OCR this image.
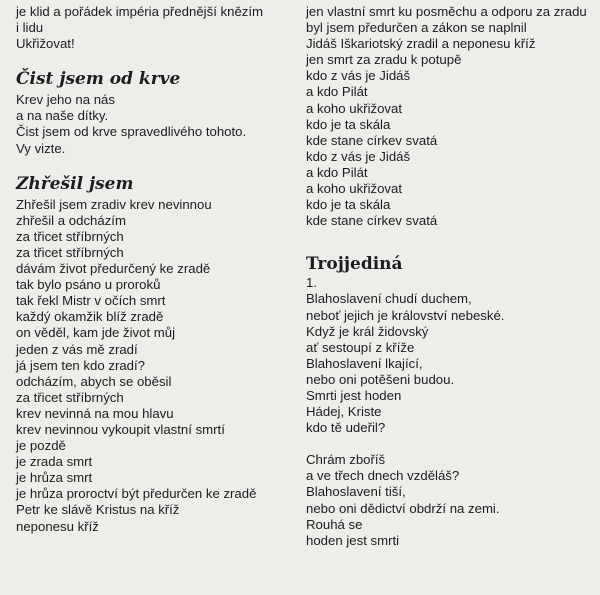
je klid a pořádek impéria přednější knězím
i lidu
Ukřižovat!
Čist jsem od krve
Krev jeho na nás
a na naše dítky.
Čist jsem od krve spravedlivého tohoto.
Vy vizte.
Zhřešil jsem
Zhřešil jsem zradiv krev nevinnou
zhřešil a odcházím
za třicet stříbrných
za třicet stříbrných
dávám život předurčený ke zradě
tak bylo psáno u proroků
tak řekl Mistr v očích smrt
každý okamžik blíž zradě
on věděl, kam jde život můj
jeden z vás mě zradí
já jsem ten kdo zradí?
odcházím, abych se oběsil
za třicet stříbrných
krev nevinná na mou hlavu
krev nevinnou vykoupit vlastní smrtí
je pozdě
je zrada smrt
je hrůza smrt
je hrůza proroctví být předurčen ke zradě
Petr ke slávě Kristus na kříž
neponesu kříž
jen vlastní smrt ku posměchu a odporu za zradu
byl jsem předurčen a zákon se naplnil
Jidáš Iškariotský zradil a neponesu kříž
jen smrt za zradu k potupě
kdo z vás je Jidáš
a kdo Pilát
a koho ukřižovat
kdo je ta skála
kde stane církev svatá
kdo z vás je Jidáš
a kdo Pilát
a koho ukřižovat
kdo je ta skála
kde stane církev svatá
Trojjediná
1.
Blahoslavení chudí duchem,
neboť jejich je království nebeské.
Když je král židovský
ať sestoupí z kříže
Blahoslavení lkající,
nebo oni potěšeni budou.
Smrti jest hoden
Hádej, Kriste
kdo tě udeřil?
Chrám zboříš
a ve třech dnech vzděláš?
Blahoslavení tiší,
nebo oni dědictví obdrží na zemi.
Rouhá se
hoden jest smrti
